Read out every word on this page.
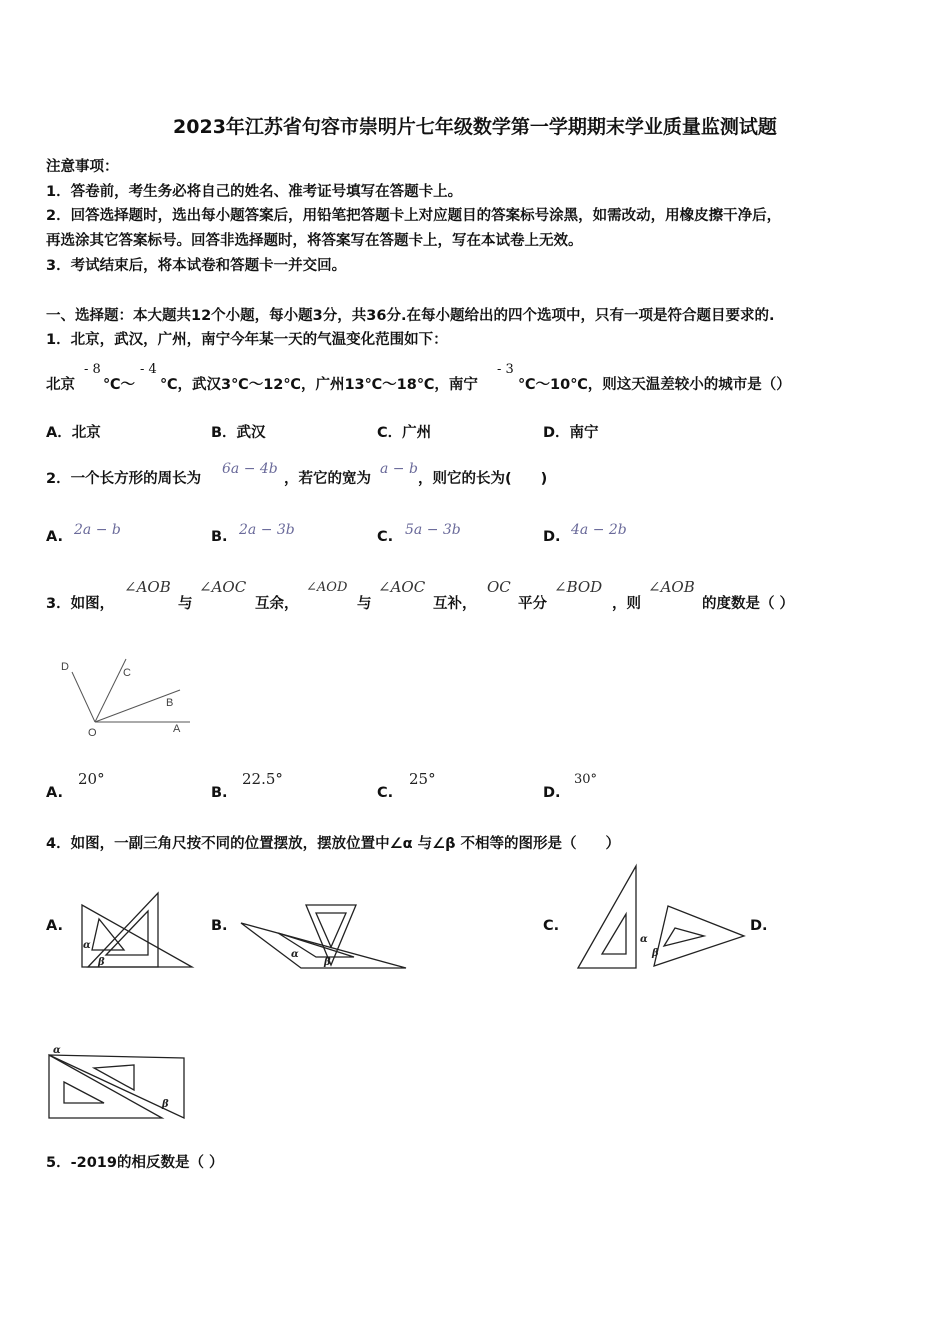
2023年江苏省句容市崇明片七年级数学第一学期期末学业质量监测试题
注意事项：
1．答卷前，考生务必将自己的姓名、准考证号填写在答题卡上。
2．回答选择题时，选出每小题答案后，用铅笔把答题卡上对应题目的答案标号涂黑，如需改动，用橡皮擦干净后，
再选涂其它答案标号。回答非选择题时，将答案写在答题卡上，写在本试卷上无效。
3．考试结束后，将本试卷和答题卡一并交回。
一、选择题：本大题共12个小题，每小题3分，共36分.在每小题给出的四个选项中，只有一项是符合题目要求的.
1．北京，武汉，广州，南宁今年某一天的气温变化范围如下：
北京
- 8
℃～
- 4
℃，武汉3℃～12℃，广州13℃～18℃，南宁
- 3
℃～10℃，则这天温差较小的城市是（）
A．北京	B．武汉	C．广州	D．南宁
2．一个长方形的周长为
6a − 4b
，若它的宽为
a − b
，则它的长为(　　)
A. 2a − b	B. 2a − 3b	C. 5a − 3b	D. 4a − 2b
3．如图，
∠AOB
与
∠AOC
互余，
∠AOD
与
∠AOC
互补，
OC
平分
∠BOD
，则
∠AOB
的度数是（ ）
D	C
B
O	A
A.
20°
B.
22.5°
C.
25°
D.
30°
4．如图，一副三角尺按不同的位置摆放，摆放位置中∠α 与∠β 不相等的图形是（　　）
A.
α
β
B.
α
β
C.
α
β
D.
α
β
5．-2019的相反数是（ ）
